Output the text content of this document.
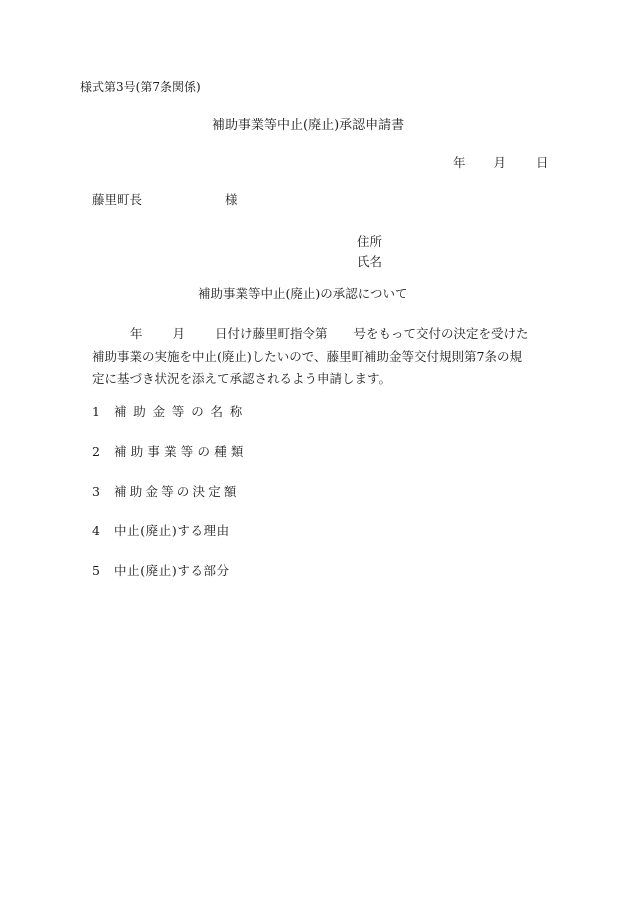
様式第3号(第7条関係)
補助事業等中止(廃止)承認申請書
年 月 日
藤里町長	様
住所
氏名
補助事業等中止(廃止)の承認について
年 月 日付け藤里町指令第 号をもって交付の決定を受けた
補助事業の実施を中止(廃止)したいので、藤里町補助金等交付規則第7条の規
定に基づき状況を添えて承認されるよう申請します。
1 補助金等の名称
2 補助事業等の種類
3 補助金等の決定額
4 中止(廃止)する理由
5 中止(廃止)する部分
